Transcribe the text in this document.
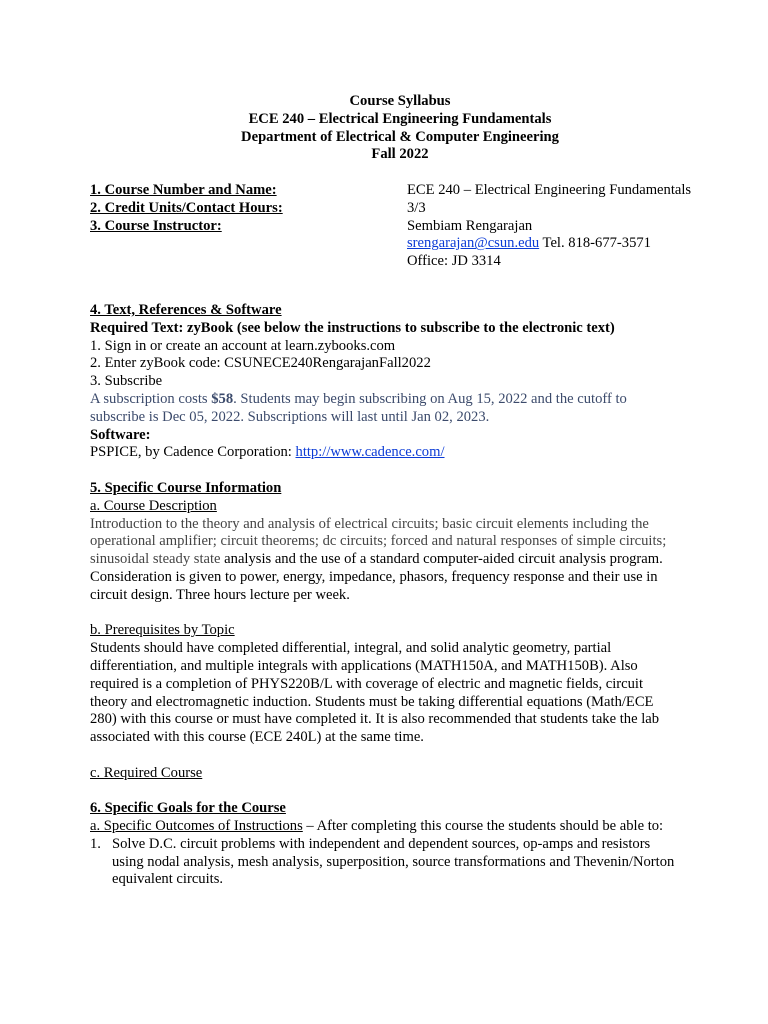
Course Syllabus
ECE 240 – Electrical Engineering Fundamentals
Department of Electrical & Computer Engineering
Fall 2022
1. Course Number and Name:	ECE 240 – Electrical Engineering Fundamentals
2. Credit Units/Contact Hours:	3/3
3. Course Instructor:	Sembiam Rengarajan
srengarajan@csun.edu Tel. 818-677-3571
Office: JD 3314
4. Text, References & Software
Required Text: zyBook (see below the instructions to subscribe to the electronic text)
1. Sign in or create an account at learn.zybooks.com
2. Enter zyBook code: CSUNECE240RengarajanFall2022
3. Subscribe
A subscription costs $58. Students may begin subscribing on Aug 15, 2022 and the cutoff to subscribe is Dec 05, 2022. Subscriptions will last until Jan 02, 2023.
Software:
PSPICE, by Cadence Corporation: http://www.cadence.com/
5. Specific Course Information
a. Course Description
Introduction to the theory and analysis of electrical circuits; basic circuit elements including the operational amplifier; circuit theorems; dc circuits; forced and natural responses of simple circuits; sinusoidal steady state analysis and the use of a standard computer-aided circuit analysis program. Consideration is given to power, energy, impedance, phasors, frequency response and their use in circuit design. Three hours lecture per week.
b. Prerequisites by Topic
Students should have completed differential, integral, and solid analytic geometry, partial differentiation, and multiple integrals with applications (MATH150A, and MATH150B). Also required is a completion of PHYS220B/L with coverage of electric and magnetic fields, circuit theory and electromagnetic induction. Students must be taking differential equations (Math/ECE 280) with this course or must have completed it. It is also recommended that students take the lab associated with this course (ECE 240L) at the same time.
c. Required Course
6. Specific Goals for the Course
a. Specific Outcomes of Instructions – After completing this course the students should be able to:
1. Solve D.C. circuit problems with independent and dependent sources, op-amps and resistors using nodal analysis, mesh analysis, superposition, source transformations and Thevenin/Norton equivalent circuits.
